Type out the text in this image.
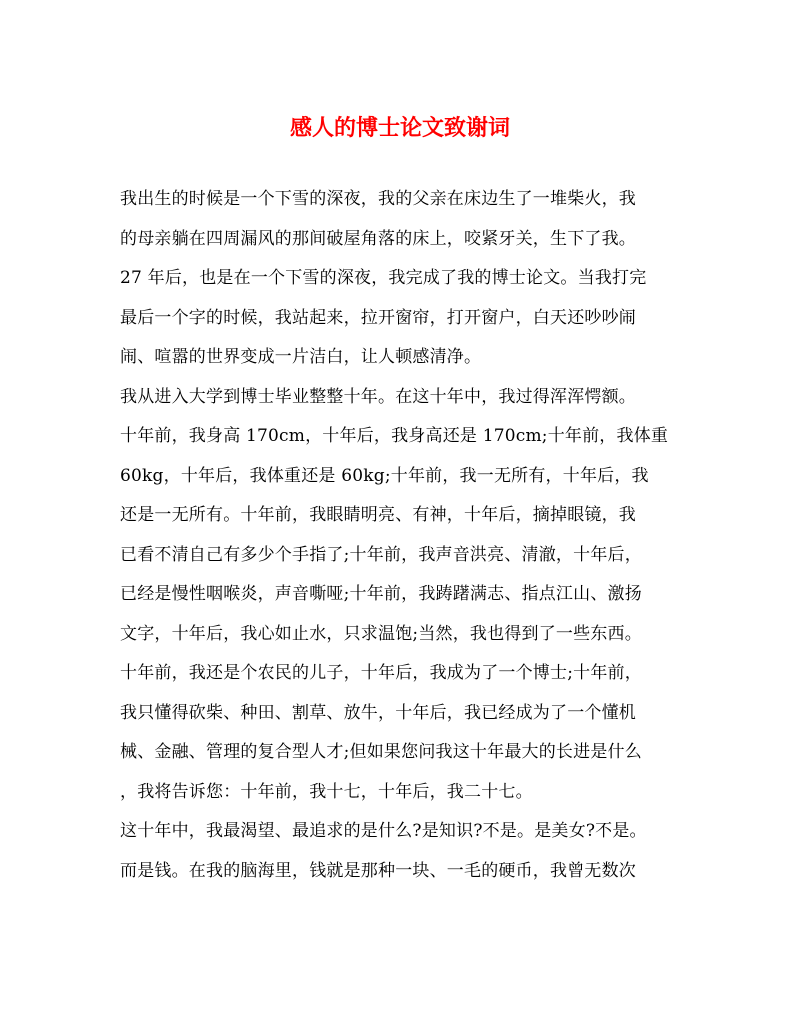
感人的博士论文致谢词
我出生的时候是一个下雪的深夜，我的父亲在床边生了一堆柴火，我
的母亲躺在四周漏风的那间破屋角落的床上，咬紧牙关，生下了我。
27 年后，也是在一个下雪的深夜，我完成了我的博士论文。当我打完
最后一个字的时候，我站起来，拉开窗帘，打开窗户，白天还吵吵闹
闹、喧嚣的世界变成一片洁白，让人顿感清净。
我从进入大学到博士毕业整整十年。在这十年中，我过得浑浑愕额。
十年前，我身高 170cm，十年后，我身高还是 170cm;十年前，我体重
60kg，十年后，我体重还是 60kg;十年前，我一无所有，十年后，我
还是一无所有。十年前，我眼睛明亮、有神，十年后，摘掉眼镜，我
已看不清自己有多少个手指了;十年前，我声音洪亮、清澈，十年后，
已经是慢性咽喉炎，声音嘶哑;十年前，我踌躇满志、指点江山、激扬
文字，十年后，我心如止水，只求温饱;当然，我也得到了一些东西。
十年前，我还是个农民的儿子，十年后，我成为了一个博士;十年前，
我只懂得砍柴、种田、割草、放牛，十年后，我已经成为了一个懂机
械、金融、管理的复合型人才;但如果您问我这十年最大的长进是什么
，我将告诉您：十年前，我十七，十年后，我二十七。
这十年中，我最渴望、最追求的是什么?是知识?不是。是美女?不是。
而是钱。在我的脑海里，钱就是那种一块、一毛的硬币，我曾无数次
